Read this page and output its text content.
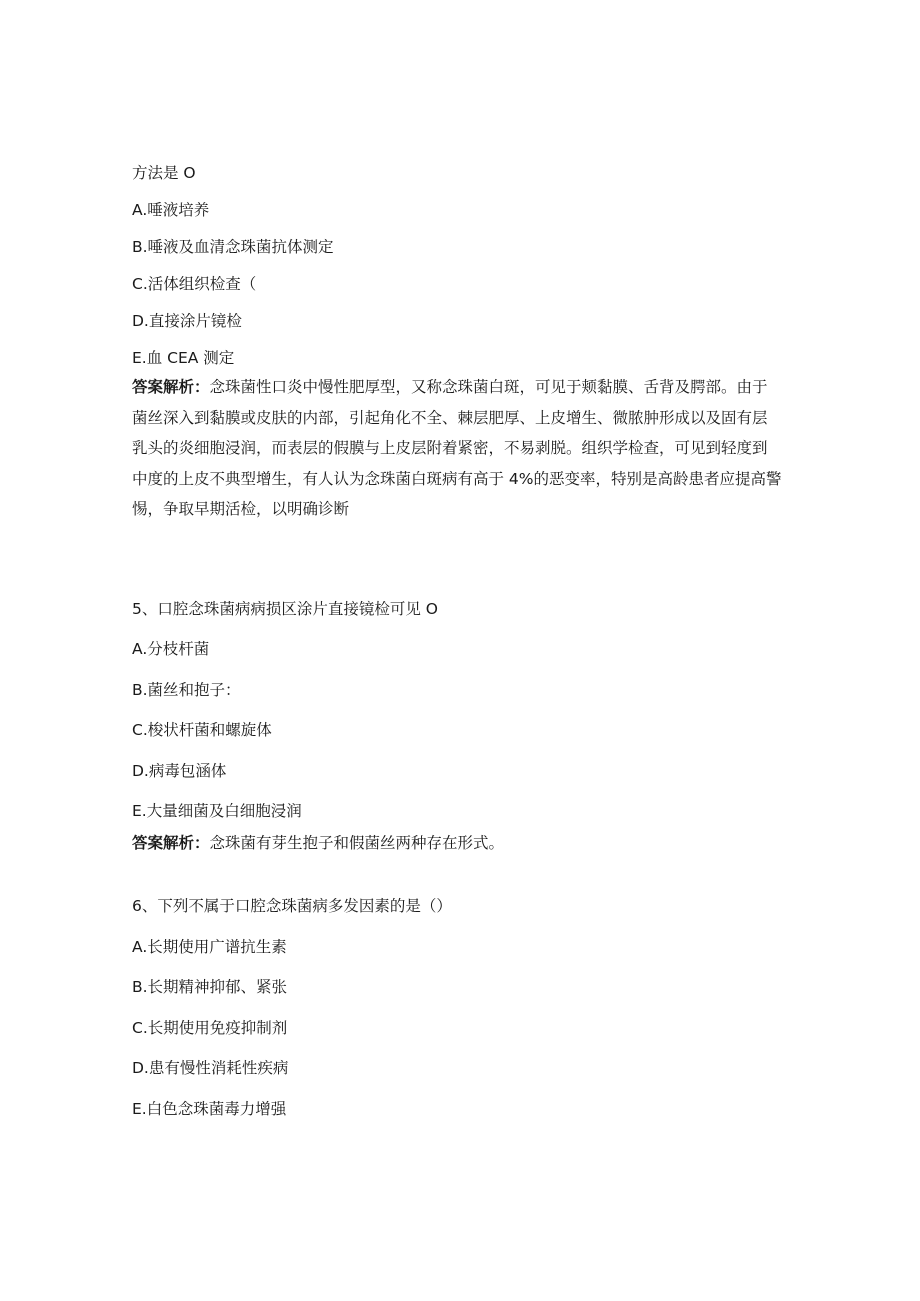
方法是 O
A.唾液培养
B.唾液及血清念珠菌抗体测定
C.活体组织检查（
D.直接涂片镜检
E.血 CEA 测定
答案解析：念珠菌性口炎中慢性肥厚型，又称念珠菌白斑，可见于颊黏膜、舌背及腭部。由于菌丝深入到黏膜或皮肤的内部，引起角化不全、棘层肥厚、上皮增生、微脓肿形成以及固有层乳头的炎细胞浸润，而表层的假膜与上皮层附着紧密，不易剥脱。组织学检查，可见到轻度到中度的上皮不典型增生，有人认为念珠菌白斑病有高于 4%的恶变率，特别是高龄患者应提高警惕，争取早期活检，以明确诊断
5、口腔念珠菌病病损区涂片直接镜检可见 O
A.分枝杆菌
B.菌丝和抱子：
C.梭状杆菌和螺旋体
D.病毒包涵体
E.大量细菌及白细胞浸润
答案解析：念珠菌有芽生抱子和假菌丝两种存在形式。
6、下列不属于口腔念珠菌病多发因素的是（）
A.长期使用广谱抗生素
B.长期精神抑郁、紧张
C.长期使用免疫抑制剂
D.患有慢性消耗性疾病
E.白色念珠菌毒力增强
